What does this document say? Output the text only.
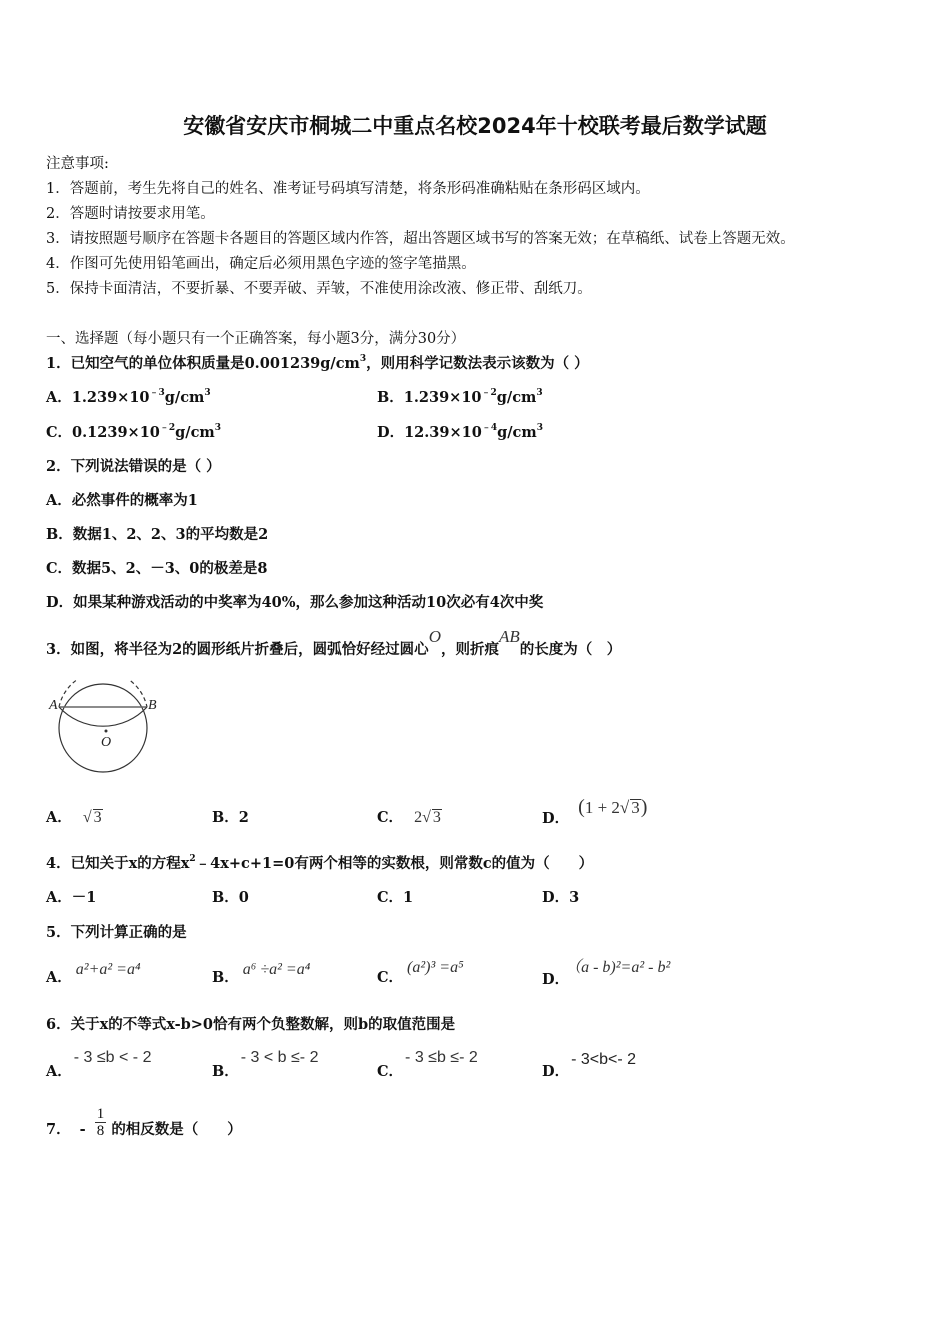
安徽省安庆市桐城二中重点名校2024年十校联考最后数学试题
注意事项:
1．答题前，考生先将自己的姓名、准考证号码填写清楚，将条形码准确粘贴在条形码区域内。
2．答题时请按要求用笔。
3．请按照题号顺序在答题卡各题目的答题区域内作答，超出答题区域书写的答案无效；在草稿纸、试卷上答题无效。
4．作图可先使用铅笔画出，确定后必须用黑色字迹的签字笔描黑。
5．保持卡面清洁，不要折暴、不要弄破、弄皱，不准使用涂改液、修正带、刮纸刀。
一、选择题（每小题只有一个正确答案，每小题3分，满分30分）
1．已知空气的单位体积质量是$0.001239g/cm^3$，则用科学记数法表示该数为（ ）
A．$1.239\times 10^{﹣3}g/cm^3$	B．$1.239\times 10^{﹣2}g/cm^3$
C．$0.1239\times 10^{﹣2}g/cm^3$	D．$12.39\times 10^{﹣4}g/cm^3$
2．下列说法错误的是（ ）
A．必然事件的概率为1
B．数据1、2、2、3的平均数是2
C．数据5、2、－3、0的极差是8
D．如果某种游戏活动的中奖率为40%，那么参加这种活动10次必有4次中奖
3．如图，将半径为2的圆形纸片折叠后，圆弧恰好经过圆心O，则折痕AB的长度为（　）
A	B
O
A． √ 3	B．2	C． 2√ 3	D． (1 + 2√ 3)
4．已知关于x的方程$x^2﹣4x+c+1=0$有两个相等的实数根，则常数c的值为（　　）
A．－1	B．0	C．1	D．3
5．下列计算正确的是
A． a²+a² =a⁴	B． a⁶ ÷a² =a⁴	C．(a²)³ =a⁵
D．（a - b)²=a² - b²
6．关于x的不等式x-b>0恰有两个负整数解，则b的取值范围是
A．- 3 ≤b < - 2
B．- 3 < b ≤- 2
C．- 3 ≤b ≤- 2
D．- 3<b<- 2
7． - $\frac{1}{8}$ 的相反数是（　　）
